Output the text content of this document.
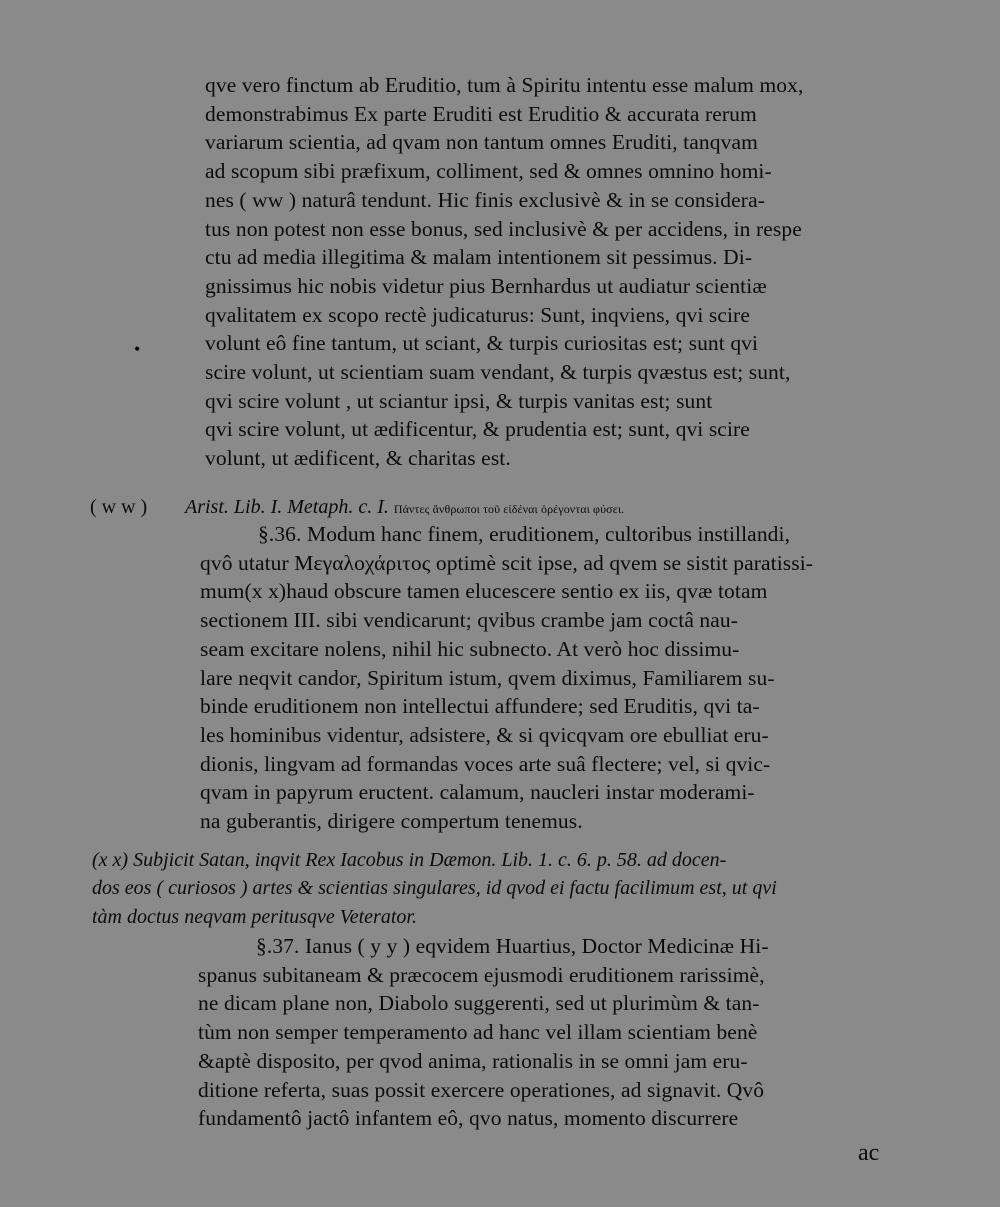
•
qve vero finctum ab Eruditio, tum à Spiritu intentu esse malum mox,
demonstrabimus Ex parte Eruditi est Eruditio & accurata rerum
variarum scientia, ad qvam non tantum omnes Eruditi, tanqvam
ad scopum sibi præfixum, colliment, sed & omnes omnino homi-
nes ( ww ) naturâ tendunt. Hic finis exclusivè & in se considera-
tus non potest non esse bonus, sed inclusivè & per accidens, in respe
ctu ad media illegitima & malam intentionem sit pessimus. Di-
gnissimus hic nobis videtur pius Bernhardus ut audiatur scientiæ
qvalitatem ex scopo rectè judicaturus: Sunt, inqviens, qvi scire
volunt eô fine tantum, ut sciant, & turpis curiositas est; sunt qvi
scire volunt, ut scientiam suam vendant, & turpis qvæstus est; sunt,
qvi scire volunt , ut sciantur ipsi, & turpis vanitas est; sunt
qvi scire volunt, ut ædificentur, & prudentia est; sunt, qvi scire
volunt, ut ædificent, & charitas est.
( w w ) Arist. Lib. I. Metaph. c. I. Πάντες ἄνθρωποι τοῦ εἰδέναι ὀρέγονται φύσει.
§.36. Modum hanc finem, eruditionem, cultoribus instillandi,
qvô utatur Μεγαλοχάριτος optimè scit ipse, ad qvem se sistit paratissi-
mum(x x)haud obscure tamen elucescere sentio ex iis, qvæ totam
sectionem III. sibi vendicarunt; qvibus crambe jam coctâ nau-
seam excitare nolens, nihil hic subnecto. At verò hoc dissimu-
lare neqvit candor, Spiritum istum, qvem diximus, Familiarem su-
binde eruditionem non intellectui affundere; sed Eruditis, qvi ta-
les hominibus videntur, adsistere, & si qvicqvam ore ebulliat eru-
dionis, lingvam ad formandas voces arte suâ flectere; vel, si qvic-
qvam in papyrum eructent. calamum, naucleri instar moderami-
na guberantis, dirigere compertum tenemus.
(x x) Subjicit Satan, inqvit Rex Iacobus in Dæmon. Lib. 1. c. 6. p. 58. ad docen-
dos eos ( curiosos ) artes & scientias singulares, id qvod ei factu facilimum est, ut qvi
tàm doctus neqvam peritusqve Veterator.
§.37. Ianus ( y y ) eqvidem Huartius, Doctor Medicinæ Hi-
spanus subitaneam & præcocem ejusmodi eruditionem rarissimè,
ne dicam plane non, Diabolo suggerenti, sed ut plurimùm & tan-
tùm non semper temperamento ad hanc vel illam scientiam benè
&aptè disposito, per qvod anima, rationalis in se omni jam eru-
ditione referta, suas possit exercere operationes, ad signavit. Qvô
fundamentô jactô infantem eô, qvo natus, momento discurrere
ac
